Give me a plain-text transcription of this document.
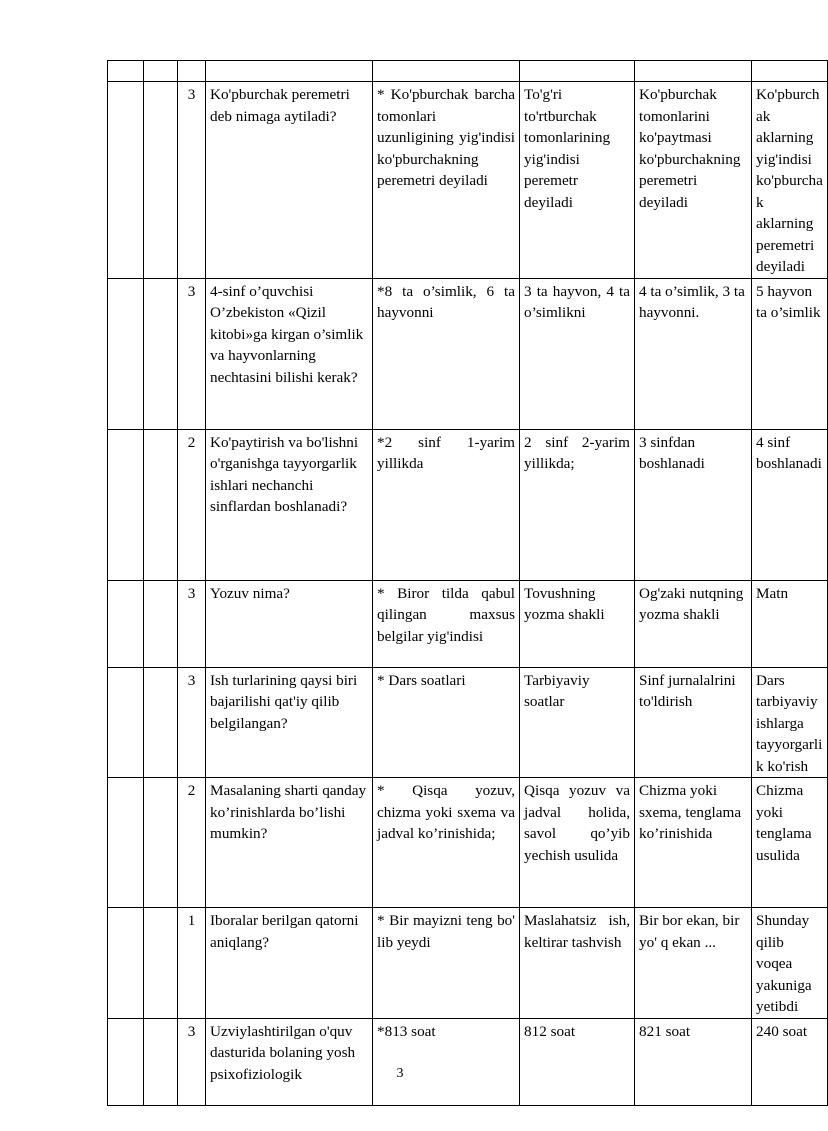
		3	Ko'pburchak peremetri deb nimaga aytiladi?	* Ko'pburchak barcha tomonlari uzunligining yig'indisi ko'pburchakning peremetri deyiladi	To'g'ri to'rtburchak tomonlarining yig'indisi peremetr deyiladi	Ko'pburchak tomonlarini ko'paytmasi ko'pburchakning peremetri deyiladi	Ko'pburchak aklarning yig'indisi ko'pburchak aklarning peremetri deyiladi
		3	4-sinf o’quvchisi O’zbekiston «Qizil kitobi»ga kirgan o’simlik va hayvonlarning nechtasini bilishi kerak?	*8 ta o’simlik, 6 ta hayvonni	3 ta hayvon, 4 ta o’simlikni	4 ta o’simlik, 3 ta hayvonni.	5 hayvon ta o’simlik
		2	Ko'paytirish va bo'lishni o'rganishga tayyorgarlik ishlari nechanchi sinflardan boshlanadi?	*2 sinf 1-yarim yillikda	2 sinf 2-yarim yillikda;	3 sinfdan boshlanadi	4 sinf boshlanadi
		3	Yozuv nima?	* Biror tilda qabul qilingan maxsus belgilar yig'indisi	Tovushning yozma shakli	Og'zaki nutqning yozma shakli	Matn
		3	Ish turlarining qaysi biri bajarilishi qat'iy qilib belgilangan?	* Dars soatlari	Tarbiyaviy soatlar	Sinf jurnalalrini to'ldirish	Dars tarbiyaviy ishlarga tayyorgarlik ko'rish
		2	Masalaning sharti qanday ko’rinishlarda bo’lishi mumkin?	* Qisqa yozuv, chizma yoki sxema va jadval ko’rinishida;	Qisqa yozuv va jadval holida, savol qo’yib yechish usulida	Chizma yoki sxema, tenglama ko’rinishida	Chizma yoki tenglama usulida
		1	Iboralar berilgan qatorni aniqlang?	* Bir mayizni teng bo' lib yeydi	Maslahatsiz ish, keltirar tashvish	Bir bor ekan, bir yo' q ekan ...	Shunday qilib voqea yakuniga yetibdi
		3	Uzviylashtirilgan o'quv dasturida bolaning yosh psixofiziologik	*813 soat	812 soat	821 soat	240 soat
3
